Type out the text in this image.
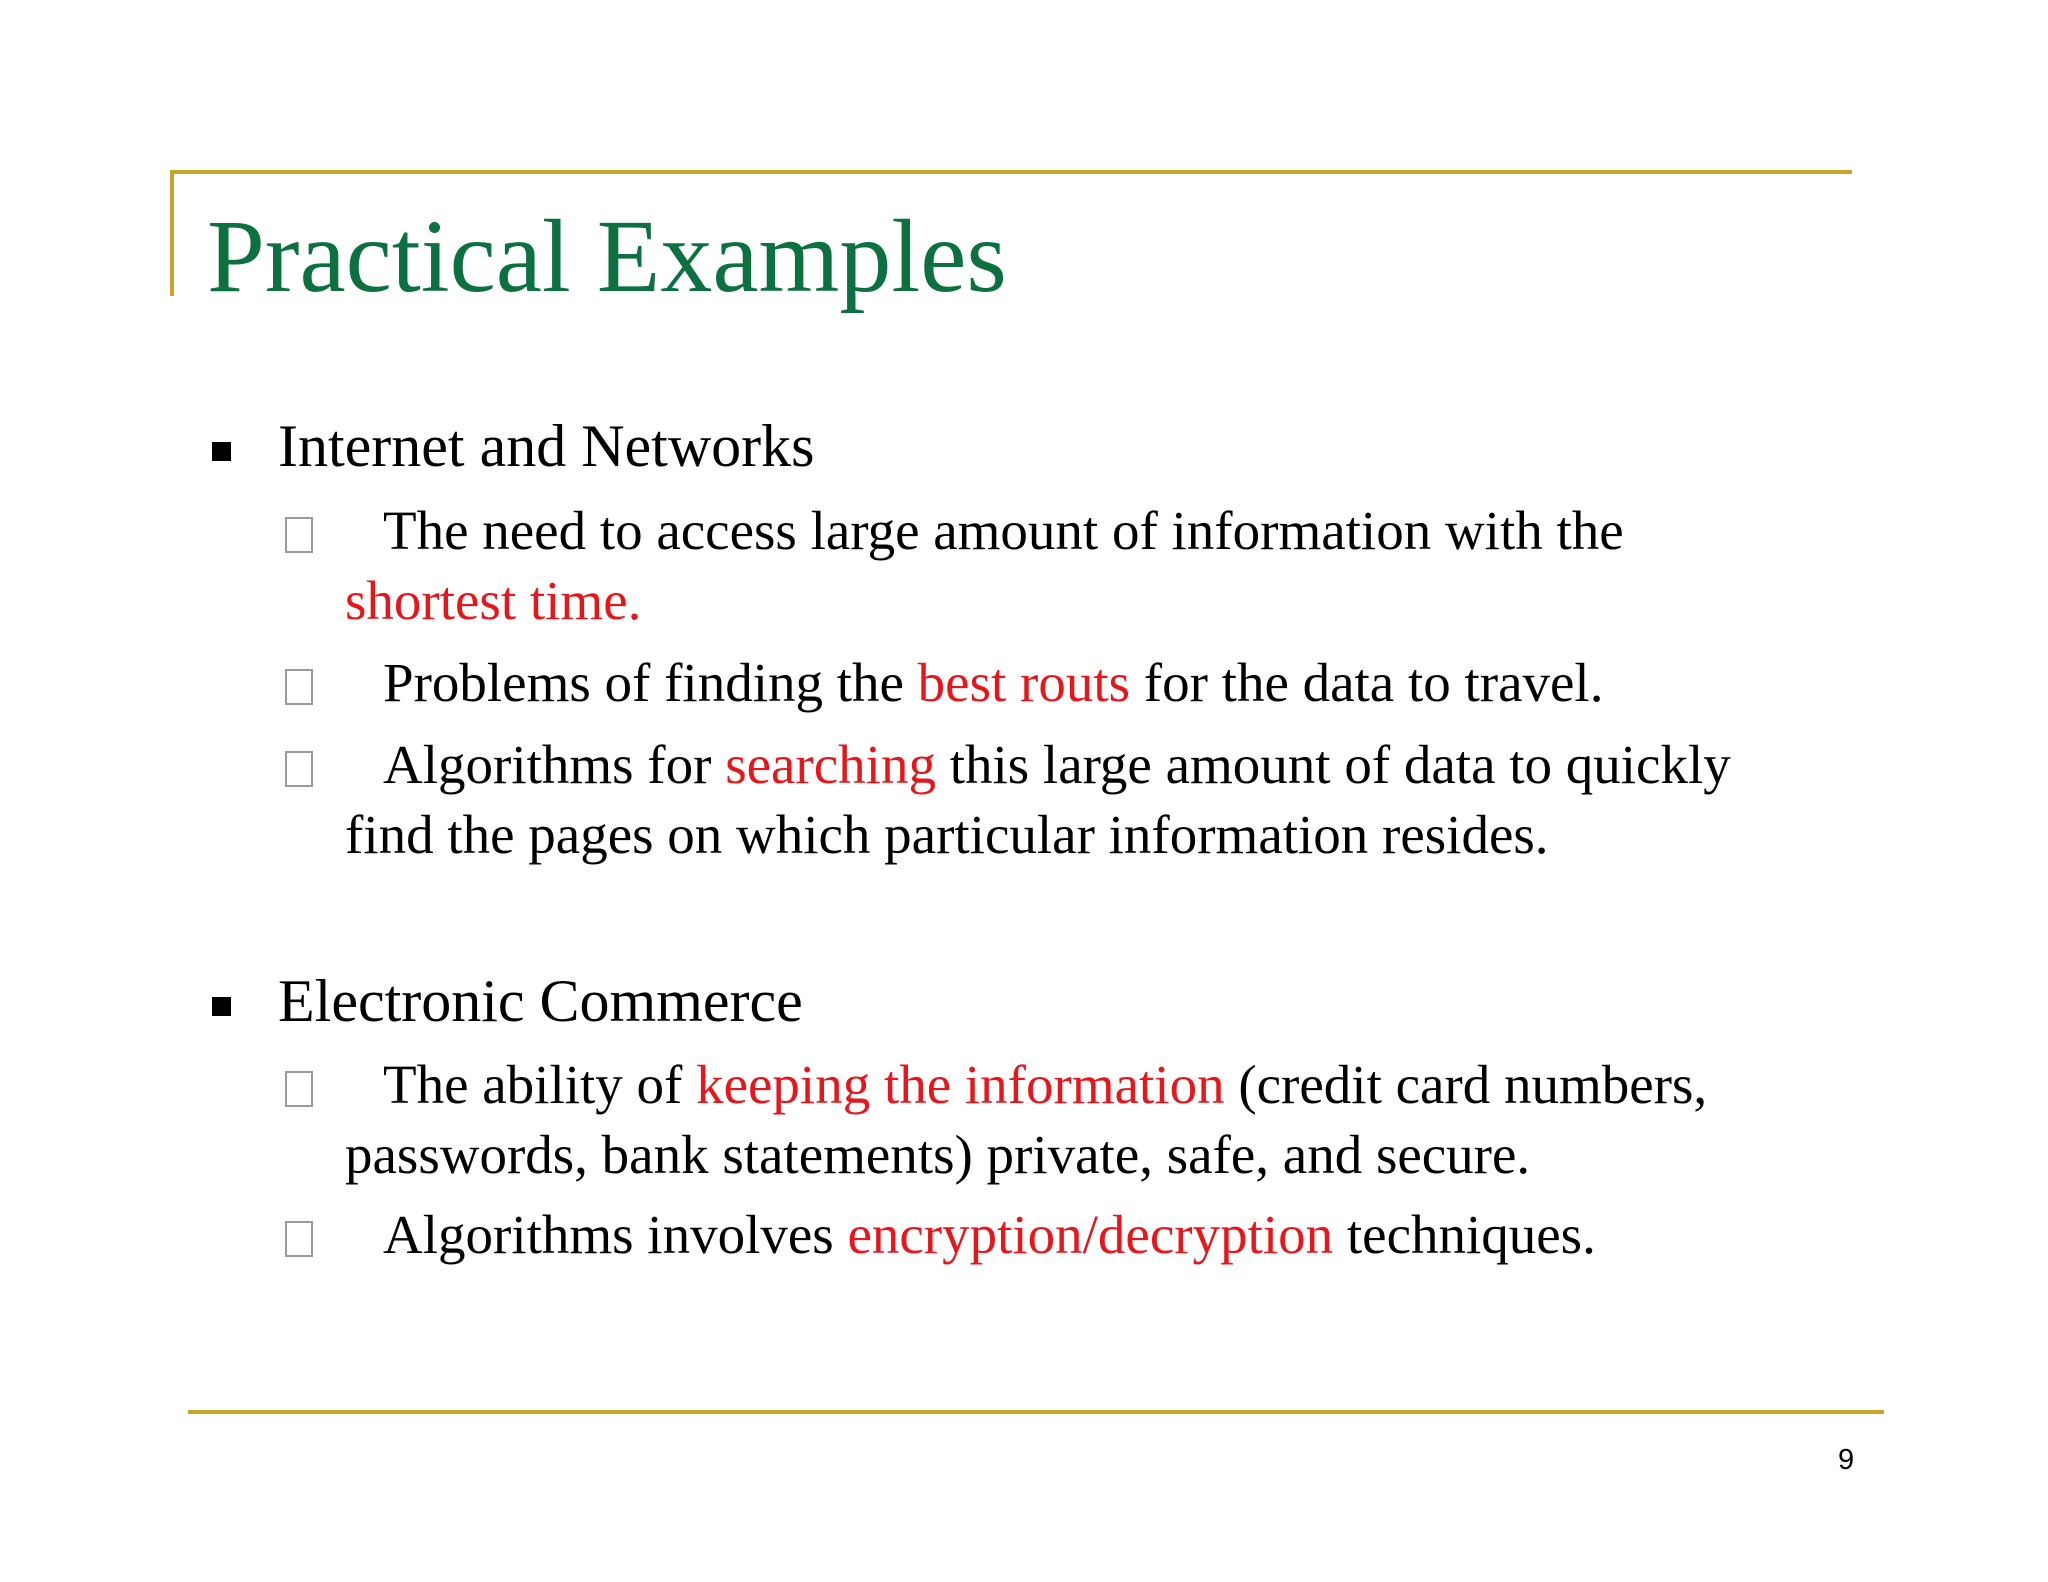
Practical Examples
Internet and Networks
The need to access large amount of information with the
shortest time.
Problems of finding the best routs for the data to travel.
Algorithms for searching this large amount of data to quickly
find the pages on which particular information resides.
Electronic Commerce
The ability of keeping the information (credit card numbers,
passwords, bank statements) private, safe, and secure.
Algorithms involves encryption/decryption techniques.
9
